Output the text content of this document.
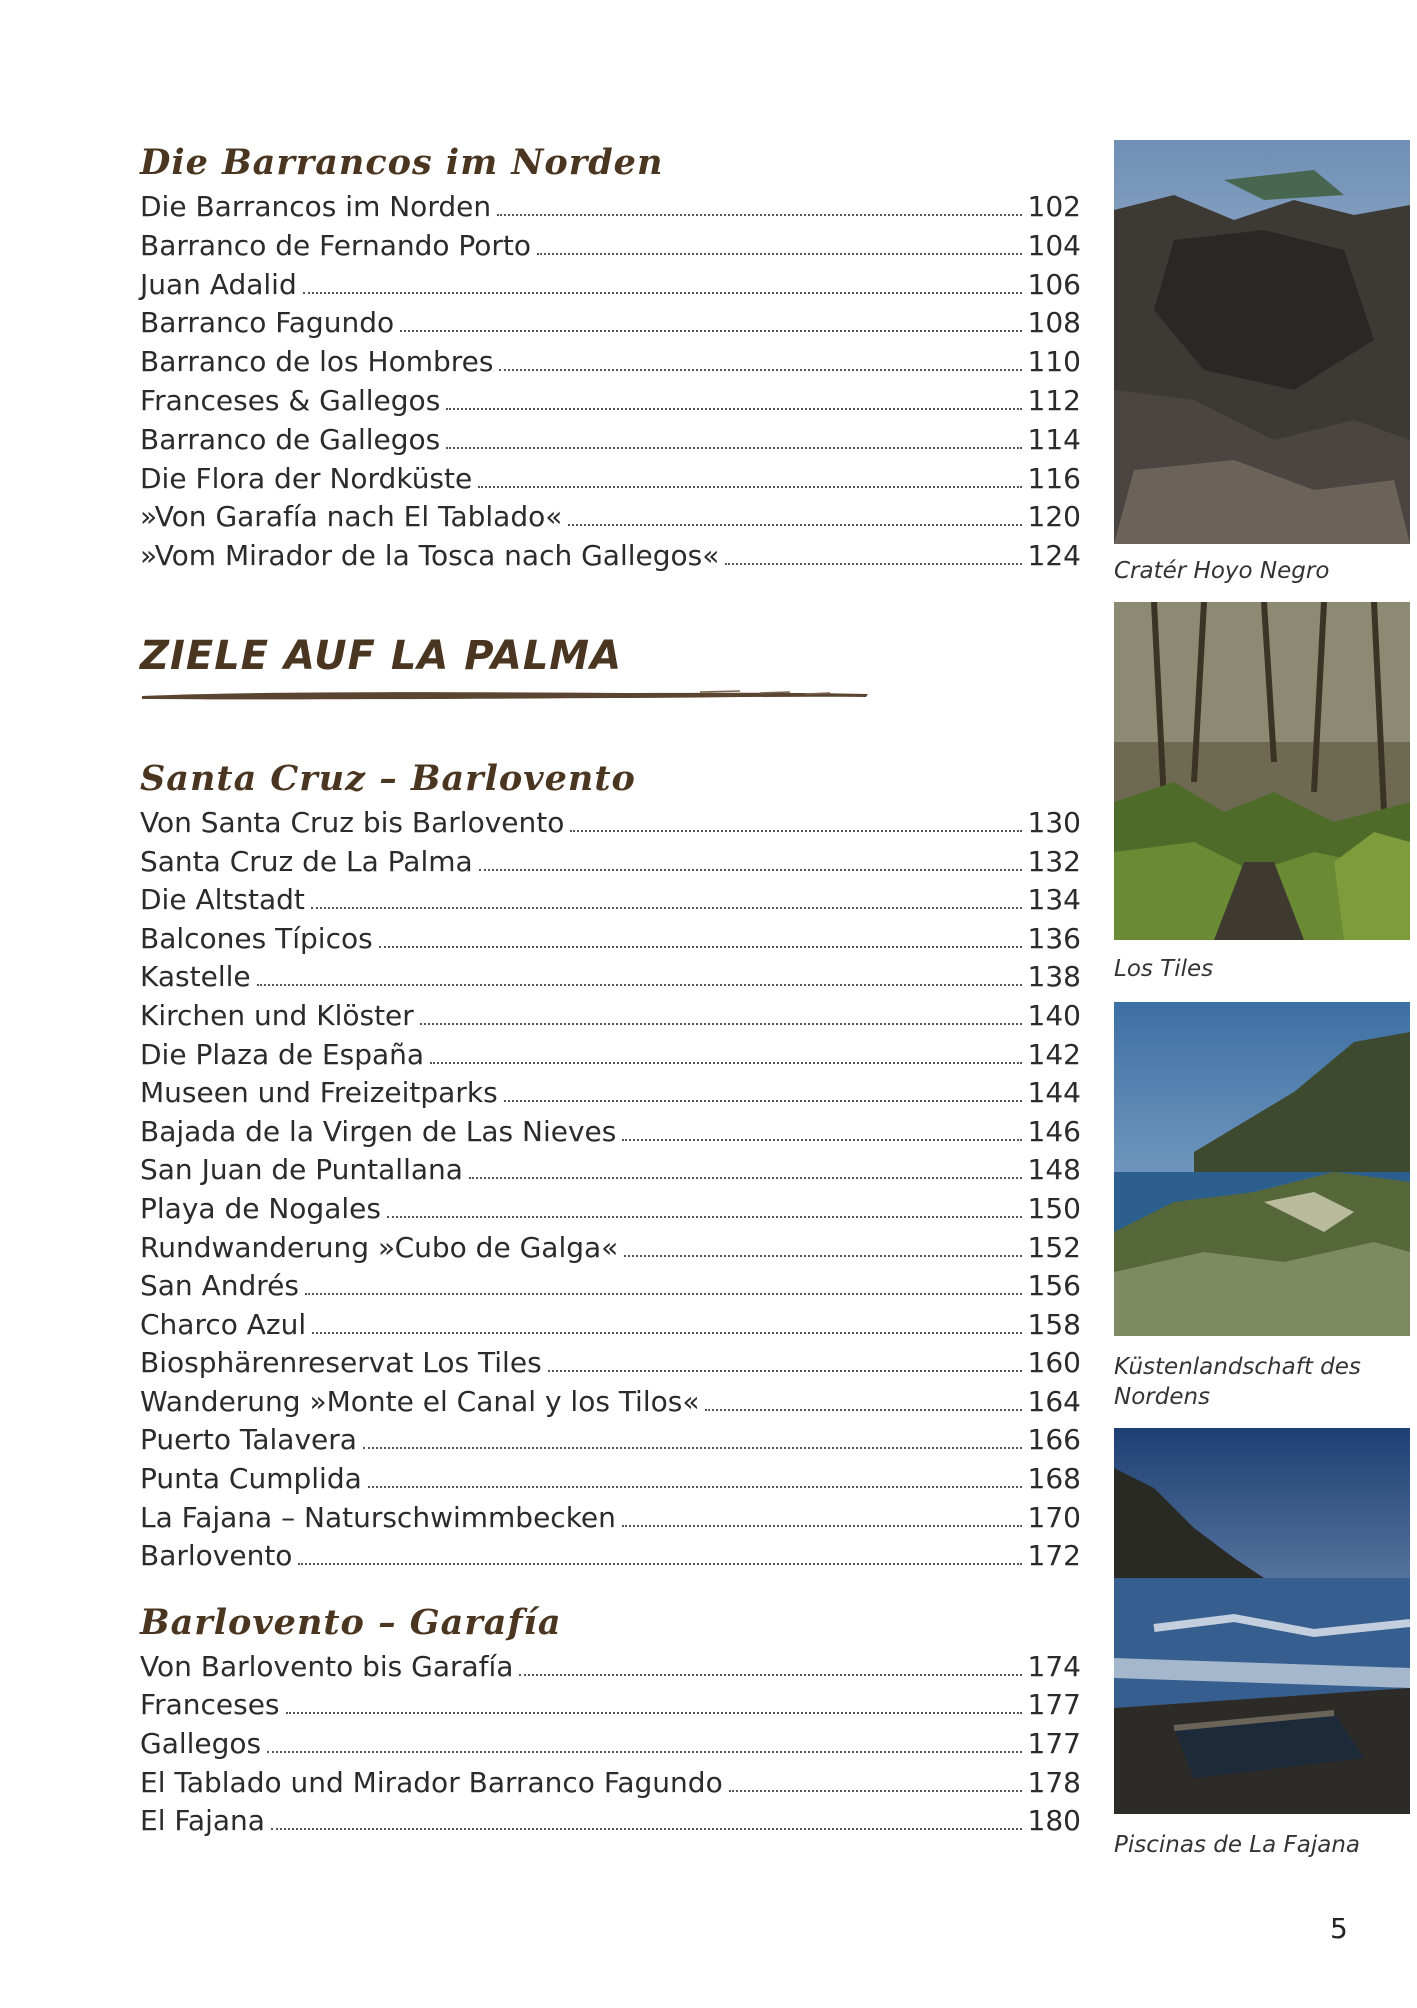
Die Barrancos im Norden
Die Barrancos im Norden	102
Barranco de Fernando Porto	104
Juan Adalid	106
Barranco Fagundo	108
Barranco de los Hombres	110
Franceses & Gallegos	112
Barranco de Gallegos	114
Die Flora der Nordküste	116
»Von Garafía nach El Tablado«	120
»Vom Mirador de la Tosca nach Gallegos«	124
ZIELE AUF LA PALMA
Santa Cruz – Barlovento
Von Santa Cruz bis Barlovento	130
Santa Cruz de La Palma	132
Die Altstadt	134
Balcones Típicos	136
Kastelle	138
Kirchen und Klöster	140
Die Plaza de España	142
Museen und Freizeitparks	144
Bajada de la Virgen de Las Nieves	146
San Juan de Puntallana	148
Playa de Nogales	150
Rundwanderung »Cubo de Galga«	152
San Andrés	156
Charco Azul	158
Biosphärenreservat Los Tiles	160
Wanderung »Monte el Canal y los Tilos«	164
Puerto Talavera	166
Punta Cumplida	168
La Fajana – Naturschwimmbecken	170
Barlovento	172
Barlovento – Garafía
Von Barlovento bis Garafía	174
Franceses	177
Gallegos	177
El Tablado und Mirador Barranco Fagundo	178
El Fajana	180
Cratér Hoyo Negro
Los Tiles
Küstenlandschaft des Nordens
Piscinas de La Fajana
5
